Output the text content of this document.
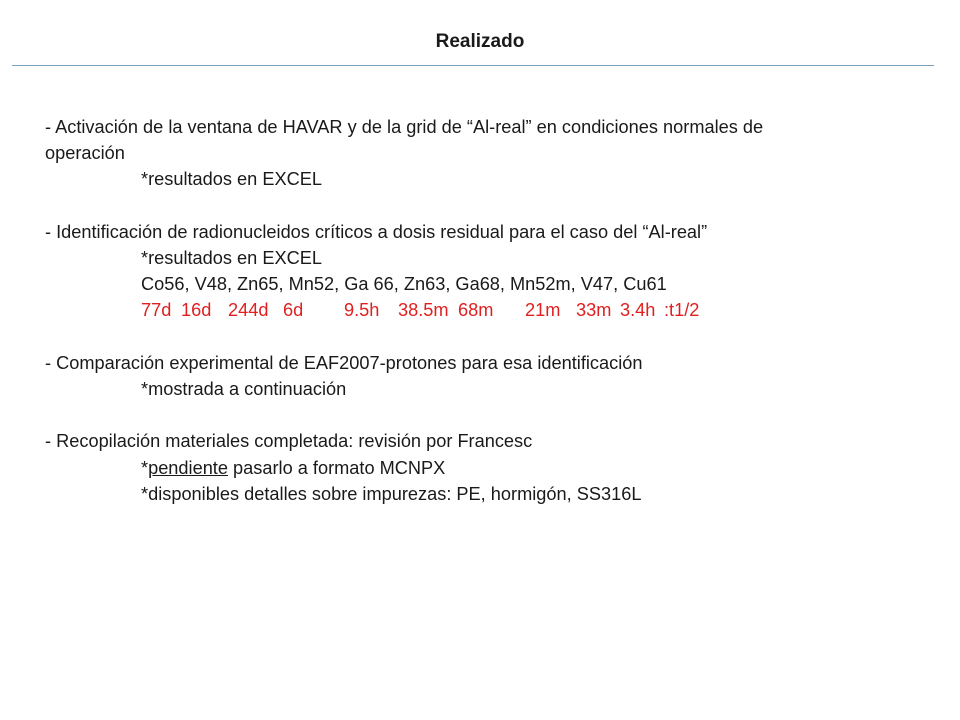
Realizado

- Activación de la ventana de HAVAR y de la grid de “Al-real” en condiciones normales de

operación

*resultados en EXCEL

- Identificación de radionucleidos críticos a dosis residual para el caso del “Al-real”

*resultados en EXCEL

Co56, V48, Zn65, Mn52, Ga 66, Zn63, Ga68, Mn52m, V47, Cu61

77d 16d 244d 6d 9.5h 38.5m 68m 21m 33m 3.4h :t1/2

- Comparación experimental de EAF2007-protones para esa identificación

*mostrada a continuación

- Recopilación materiales completada: revisión por Francesc

*pendiente pasarlo a formato MCNPX

*disponibles detalles sobre impurezas: PE, hormigón, SS316L
